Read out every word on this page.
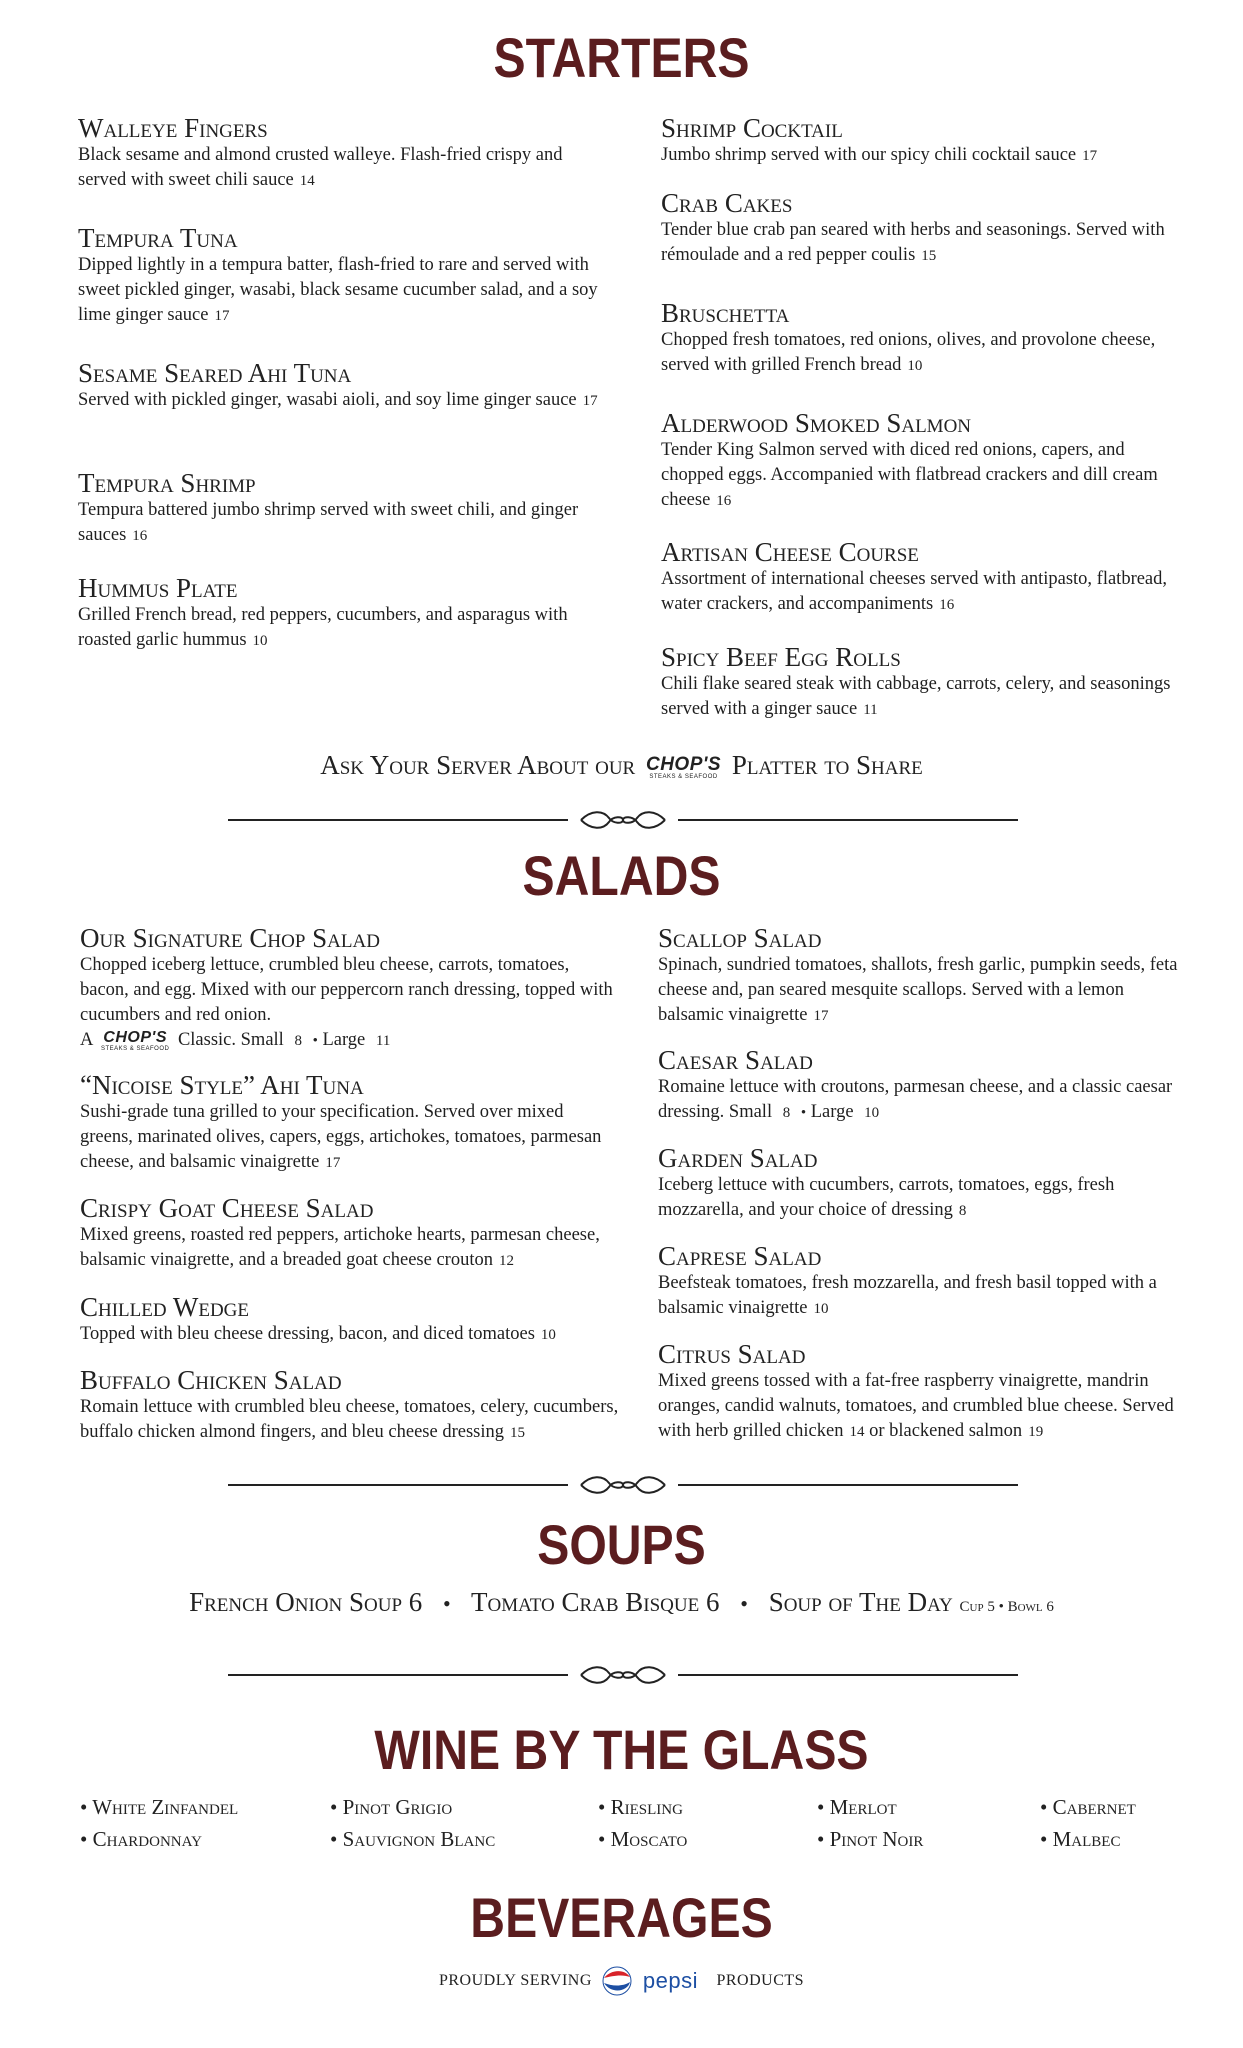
STARTERS
Walleye Fingers
Black sesame and almond crusted walleye. Flash-fried crispy and served with sweet chili sauce 14
Tempura Tuna
Dipped lightly in a tempura batter, flash-fried to rare and served with sweet pickled ginger, wasabi, black sesame cucumber salad, and a soy lime ginger sauce 17
Sesame Seared Ahi Tuna
Served with pickled ginger, wasabi aioli, and soy lime ginger sauce 17
Tempura Shrimp
Tempura battered jumbo shrimp served with sweet chili, and ginger sauces 16
Hummus Plate
Grilled French bread, red peppers, cucumbers, and asparagus with roasted garlic hummus 10
Shrimp Cocktail
Jumbo shrimp served with our spicy chili cocktail sauce 17
Crab Cakes
Tender blue crab pan seared with herbs and seasonings. Served with rémoulade and a red pepper coulis 15
Bruschetta
Chopped fresh tomatoes, red onions, olives, and provolone cheese, served with grilled French bread 10
Alderwood Smoked Salmon
Tender King Salmon served with diced red onions, capers, and chopped eggs. Accompanied with flatbread crackers and dill cream cheese 16
Artisan Cheese Course
Assortment of international cheeses served with antipasto, flatbread, water crackers, and accompaniments 16
Spicy Beef Egg Rolls
Chili flake seared steak with cabbage, carrots, celery, and seasonings served with a ginger sauce 11
Ask Your Server About our CHOP'S
STEAKS & SEAFOOD Platter to Share
SALADS
Our Signature Chop Salad
Chopped iceberg lettuce, crumbled bleu cheese, carrots, tomatoes, bacon, and egg. Mixed with our peppercorn ranch dressing, topped with cucumbers and red onion.
A CHOP'S
STEAKS & SEAFOOD Classic. Small 8 • Large 11
“Nicoise Style” Ahi Tuna
Sushi-grade tuna grilled to your specification. Served over mixed greens, marinated olives, capers, eggs, artichokes, tomatoes, parmesan cheese, and balsamic vinaigrette 17
Crispy Goat Cheese Salad
Mixed greens, roasted red peppers, artichoke hearts, parmesan cheese, balsamic vinaigrette, and a breaded goat cheese crouton 12
Chilled Wedge
Topped with bleu cheese dressing, bacon, and diced tomatoes 10
Buffalo Chicken Salad
Romain lettuce with crumbled bleu cheese, tomatoes, celery, cucumbers, buffalo chicken almond fingers, and bleu cheese dressing 15
Scallop Salad
Spinach, sundried tomatoes, shallots, fresh garlic, pumpkin seeds, feta cheese and, pan seared mesquite scallops. Served with a lemon balsamic vinaigrette 17
Caesar Salad
Romaine lettuce with croutons, parmesan cheese, and a classic caesar dressing. Small 8 • Large 10
Garden Salad
Iceberg lettuce with cucumbers, carrots, tomatoes, eggs, fresh mozzarella, and your choice of dressing 8
Caprese Salad
Beefsteak tomatoes, fresh mozzarella, and fresh basil topped with a balsamic vinaigrette 10
Citrus Salad
Mixed greens tossed with a fat-free raspberry vinaigrette, mandrin oranges, candid walnuts, tomatoes, and crumbled blue cheese. Served with herb grilled chicken 14 or blackened salmon 19
SOUPS
French Onion Soup 6 • Tomato Crab Bisque 6 • Soup of The Day Cup 5 • Bowl 6
WINE BY THE GLASS
• White Zinfandel
• Chardonnay
• Pinot Grigio
• Sauvignon Blanc
• Riesling
• Moscato
• Merlot
• Pinot Noir
• Cabernet
• Malbec
BEVERAGES
PROUDLY SERVING pepsi PRODUCTS
